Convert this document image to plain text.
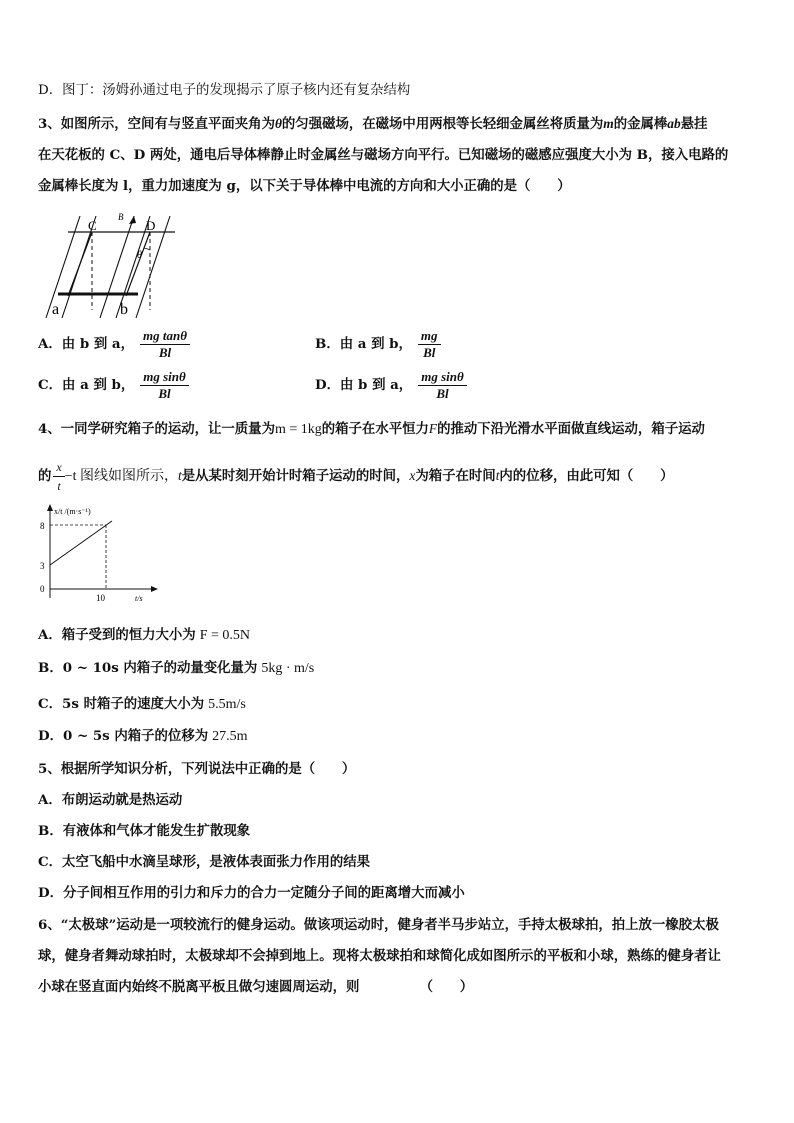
D．图丁：汤姆孙通过电子的发现揭示了原子核内还有复杂结构
3、如图所示，空间有与竖直平面夹角为θ的匀强磁场，在磁场中用两根等长轻细金属丝将质量为m的金属棒ab悬挂
在天花板的 C、D 两处，通电后导体棒静止时金属丝与磁场方向平行。已知磁场的磁感应强度大小为 B，接入电路的
金属棒长度为 l，重力加速度为 g，以下关于导体棒中电流的方向和大小正确的是（　　）
C	D
B
θ
a	b
A．由 b 到 a， $\frac{\text{mg tanθ}}{Bl}$	B．由 a 到 b， $\frac{mg}{Bl}$
C．由 a 到 b， $\frac{\text{mg sinθ}}{Bl}$	D．由 b 到 a， $\frac{\text{mg sinθ}}{Bl}$
4、一同学研究箱子的运动，让一质量为m = 1kg的箱子在水平恒力F的推动下沿光滑水平面做直线运动，箱子运动
的 $\frac{x}{t} -t$ 图线如图所示，t是从某时刻开始计时箱子运动的时间，x为箱子在时间t内的位移，由此可知（　　）
x/t /(m·s⁻¹)
t/s
8
3
0
10
A．箱子受到的恒力大小为 F = 0.5N
B．0 ~ 10s 内箱子的动量变化量为 5kg · m/s
C．5s 时箱子的速度大小为 5.5m/s
D．0 ~ 5s 内箱子的位移为 27.5m
5、根据所学知识分析，下列说法中正确的是（　　）
A．布朗运动就是热运动
B．有液体和气体才能发生扩散现象
C．太空飞船中水滴呈球形，是液体表面张力作用的结果
D．分子间相互作用的引力和斥力的合力一定随分子间的距离增大而减小
6、“太极球”运动是一项较流行的健身运动。做该项运动时，健身者半马步站立，手持太极球拍，拍上放一橡胶太极
球，健身者舞动球拍时，太极球却不会掉到地上。现将太极球拍和球简化成如图所示的平板和小球，熟练的健身者让
小球在竖直面内始终不脱离平板且做匀速圆周运动，则　　　　　（　　）
